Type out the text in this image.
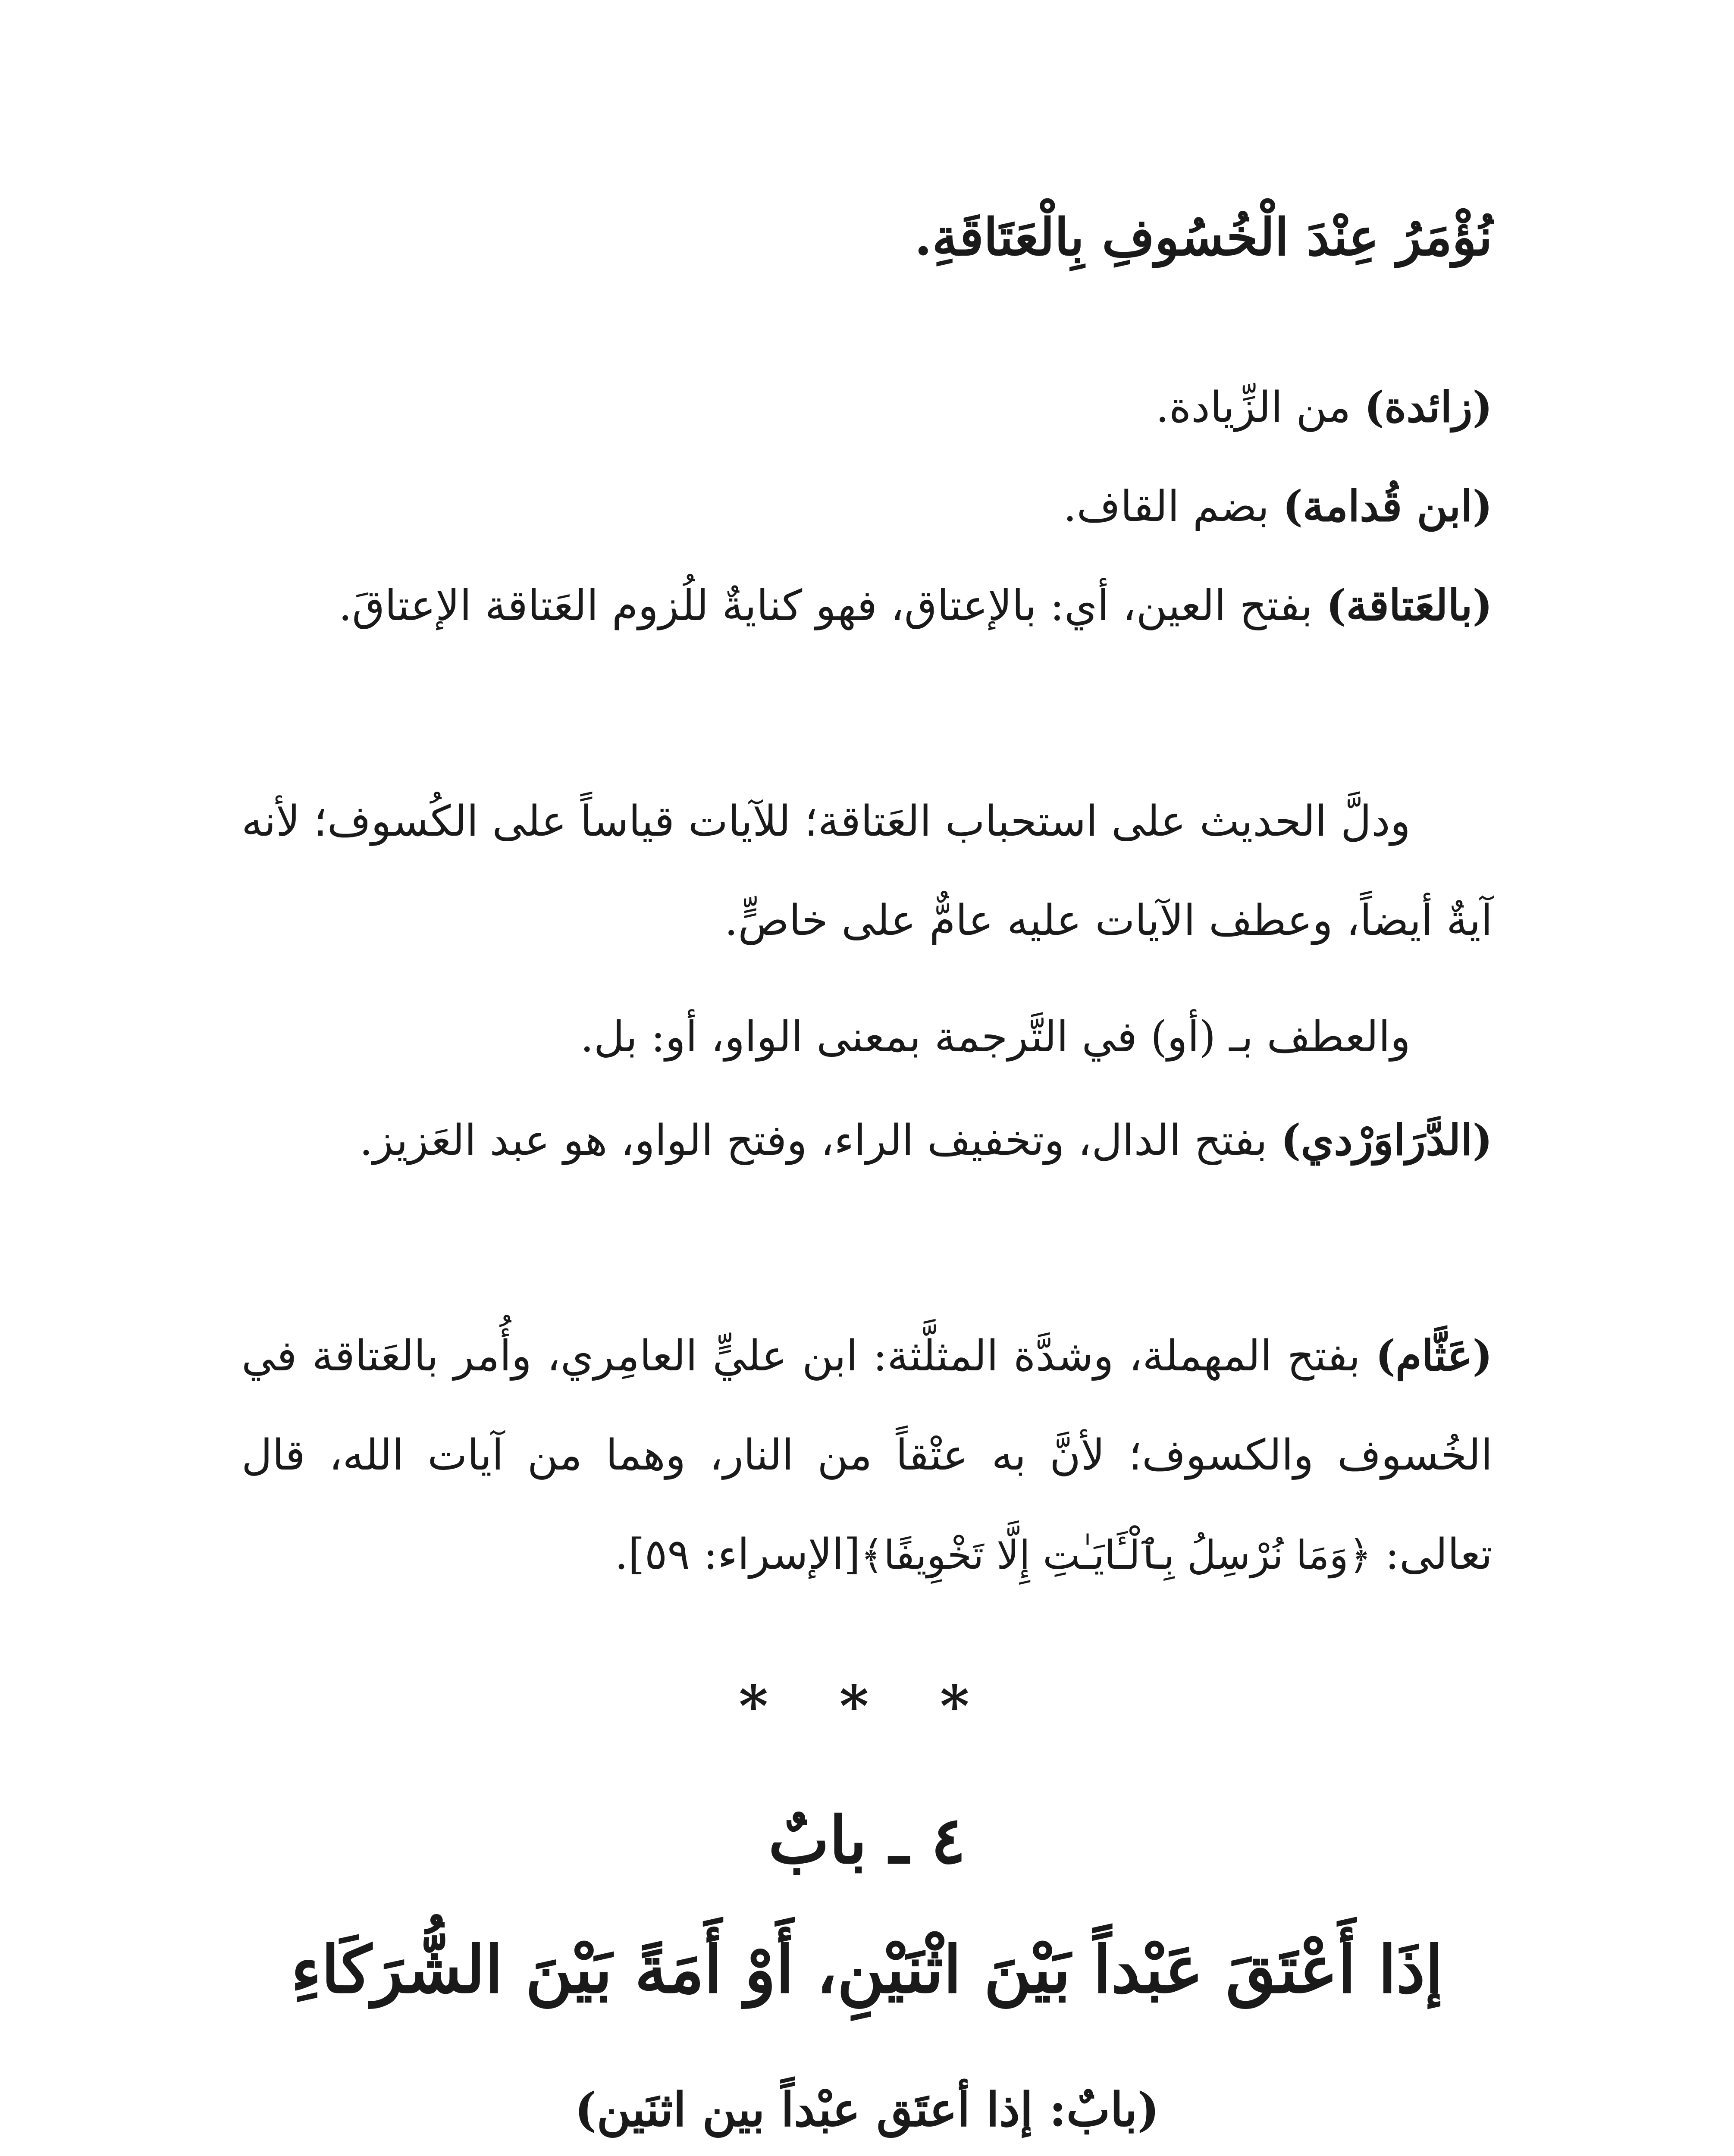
نُؤْمَرُ عِنْدَ الْخُسُوفِ بِالْعَتَاقَةِ.

(زائدة) من الزِّيادة.

(ابن قُدامة) بضم القاف.

(بالعَتاقة) بفتح العين، أي: بالإعتاق، فهو كنايةٌ للُزوم العَتاقة الإعتاقَ.

ودلَّ الحديث على استحباب العَتاقة؛ للآيات قياساً على الكُسوف؛ لأنه آيةٌ أيضاً، وعطف الآيات عليه عامٌّ على خاصٍّ.

والعطف بـ (أو) في التَّرجمة بمعنى الواو، أو: بل.

(الدَّرَاوَرْدي) بفتح الدال، وتخفيف الراء، وفتح الواو، هو عبد العَزيز.

(عَثَّام) بفتح المهملة، وشدَّة المثلَّثة: ابن عليٍّ العامِري، وأُمر بالعَتاقة في الخُسوف والكسوف؛ لأنَّ به عتْقاً من النار، وهما من آيات الله، قال تعالى: ﴿وَمَا نُرْسِلُ بِٱلْـَٔايَـٰتِ إِلَّا تَخْوِيفًا﴾[الإسراء: ٥٩].

* * *
٤ ـ بابٌ
إذَا أَعْتَقَ عَبْداً بَيْنَ اثْنَيْنِ، أَوْ أَمَةً بَيْنَ الشُّرَكَاءِ
(بابٌ: إذا أعتَق عبْداً بين اثنَين)
